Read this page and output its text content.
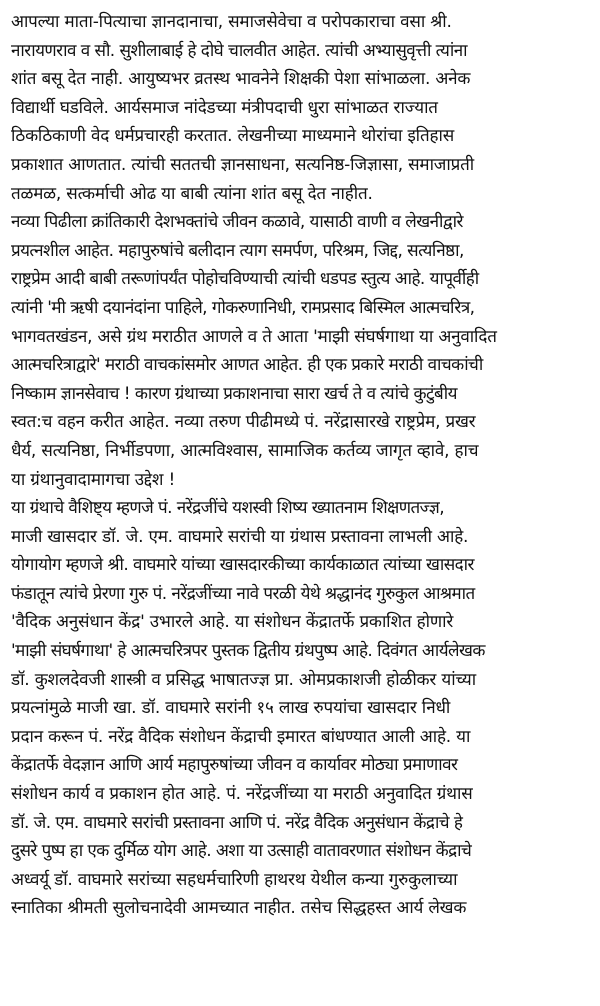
आपल्या माता-पित्याचा ज्ञानदानाचा, समाजसेवेचा व परोपकाराचा वसा श्री.
नारायणराव व सौ. सुशीलाबाई हे दोघे चालवीत आहेत. त्यांची अभ्यासुवृत्ती त्यांना
शांत बसू देत नाही. आयुष्यभर व्रतस्थ भावनेने शिक्षकी पेशा सांभाळला. अनेक
विद्यार्थी घडविले. आर्यसमाज नांदेडच्या मंत्रीपदाची धुरा सांभाळत राज्यात
ठिकठिकाणी वेद धर्मप्रचारही करतात. लेखनीच्या माध्यमाने थोरांचा इतिहास
प्रकाशात आणतात. त्यांची सततची ज्ञानसाधना, सत्यनिष्ठ-जिज्ञासा, समाजाप्रती
तळमळ, सत्कर्माची ओढ या बाबी त्यांना शांत बसू देत नाहीत.
नव्या पिढीला क्रांतिकारी देशभक्तांचे जीवन कळावे, यासाठी वाणी व लेखनीद्वारे
प्रयत्नशील आहेत. महापुरुषांचे बलीदान त्याग समर्पण, परिश्रम, जिद्द, सत्यनिष्ठा,
राष्ट्रप्रेम आदी बाबी तरूणांपर्यंत पोहोचविण्याची त्यांची धडपड स्तुत्य आहे. यापूर्वीही
त्यांनी 'मी ऋषी दयानंदांना पाहिले, गोकरुणानिधी, रामप्रसाद बिस्मिल आत्मचरित्र,
भागवतखंडन, असे ग्रंथ मराठीत आणले व ते आता 'माझी संघर्षगाथा या अनुवादित
आत्मचरित्राद्वारे' मराठी वाचकांसमोर आणत आहेत. ही एक प्रकारे मराठी वाचकांची
निष्काम ज्ञानसेवाच ! कारण ग्रंथाच्या प्रकाशनाचा सारा खर्च ते व त्यांचे कुटुंबीय
स्वत:च वहन करीत आहेत. नव्या तरुण पीढीमध्ये पं. नरेंद्रासारखे राष्ट्रप्रेम, प्रखर
धैर्य, सत्यनिष्ठा, निर्भीडपणा, आत्मविश्वास, सामाजिक कर्तव्य जागृत व्हावे, हाच
या ग्रंथानुवादामागचा उद्देश !
या ग्रंथाचे वैशिष्ट्य म्हणजे पं. नरेंद्रजींचे यशस्वी शिष्य ख्यातनाम शिक्षणतज्ज्ञ,
माजी खासदार डॉ. जे. एम. वाघमारे सरांची या ग्रंथास प्रस्तावना लाभली आहे.
योगायोग म्हणजे श्री. वाघमारे यांच्या खासदारकीच्या कार्यकाळात त्यांच्या खासदार
फंडातून त्यांचे प्रेरणा गुरु पं. नरेंद्रजींच्या नावे परळी येथे श्रद्धानंद गुरुकुल आश्रमात
'वैदिक अनुसंधान केंद्र' उभारले आहे. या संशोधन केंद्रातर्फे प्रकाशित होणारे
'माझी संघर्षगाथा' हे आत्मचरित्रपर पुस्तक द्वितीय ग्रंथपुष्प आहे. दिवंगत आर्यलेखक
डॉ. कुशलदेवजी शास्त्री व प्रसिद्ध भाषातज्ज्ञ प्रा. ओमप्रकाशजी होळीकर यांच्या
प्रयत्नांमुळे माजी खा. डॉ. वाघमारे सरांनी १५ लाख रुपयांचा खासदार निधी
प्रदान करून पं. नरेंद्र वैदिक संशोधन केंद्राची इमारत बांधण्यात आली आहे. या
केंद्रातर्फे वेदज्ञान आणि आर्य महापुरुषांच्या जीवन व कार्यावर मोठ्या प्रमाणावर
संशोधन कार्य व प्रकाशन होत आहे. पं. नरेंद्रजींच्या या मराठी अनुवादित ग्रंथास
डॉ. जे. एम. वाघमारे सरांची प्रस्तावना आणि पं. नरेंद्र वैदिक अनुसंधान केंद्राचे हे
दुसरे पुष्प हा एक दुर्मिळ योग आहे. अशा या उत्साही वातावरणात संशोधन केंद्राचे
अध्वर्यू डॉ. वाघमारे सरांच्या सहधर्मचारिणी हाथरथ येथील कन्या गुरुकुलाच्या
स्नातिका श्रीमती सुलोचनादेवी आमच्यात नाहीत. तसेच सिद्धहस्त आर्य लेखक
